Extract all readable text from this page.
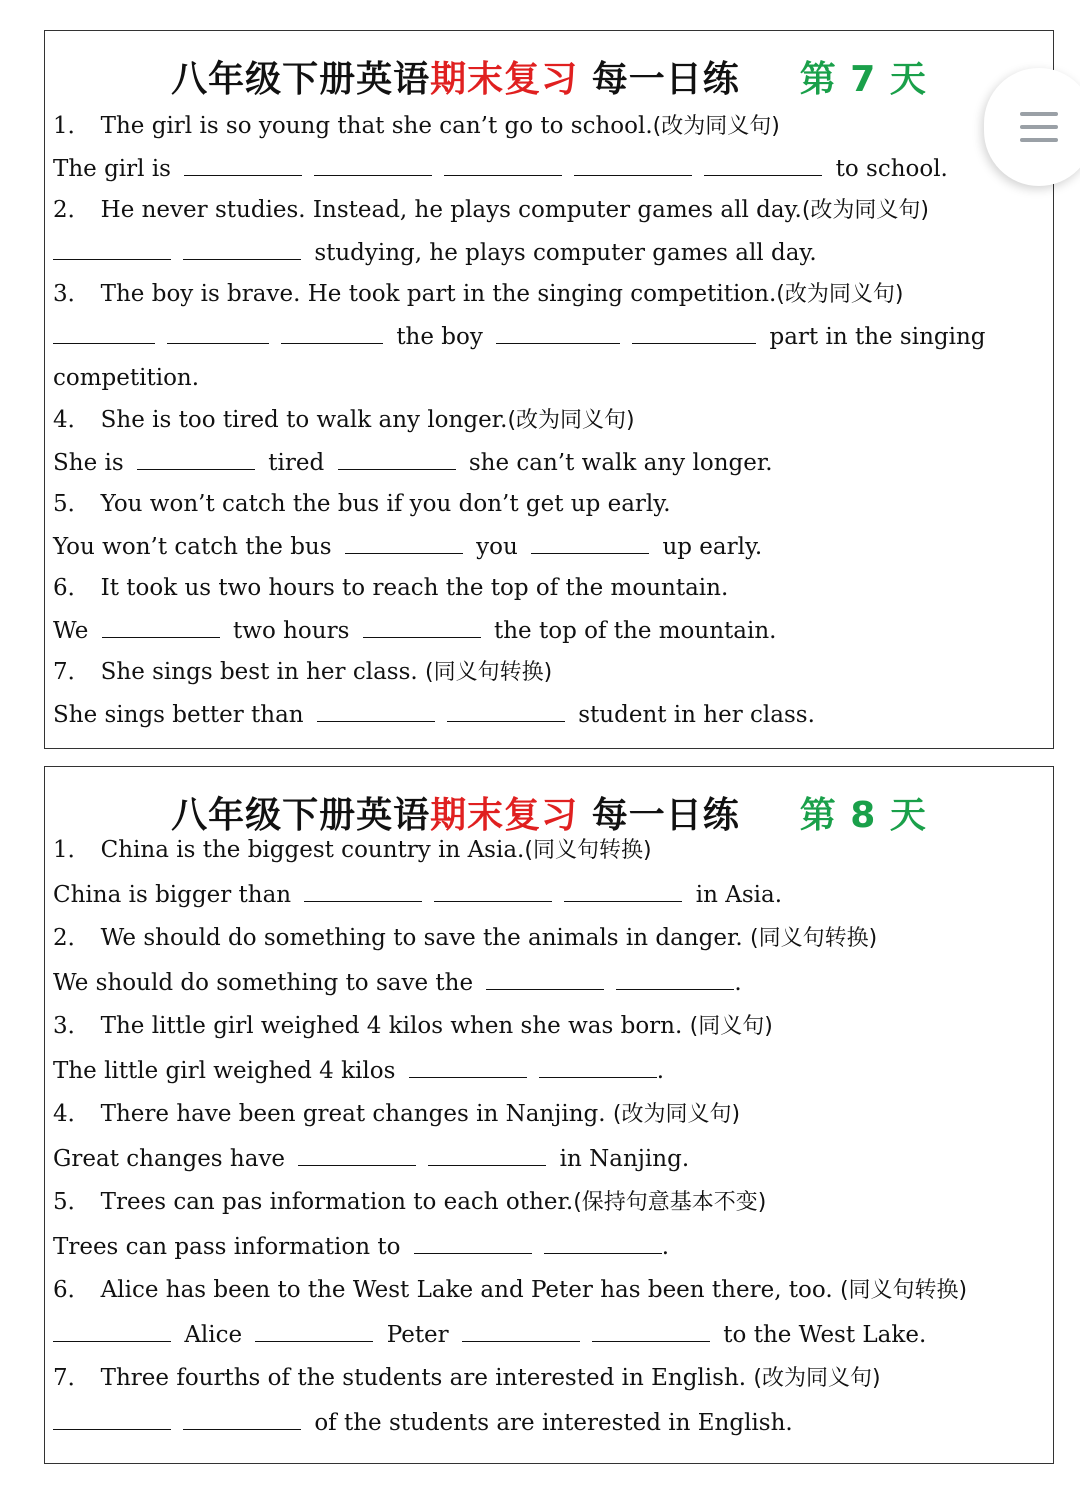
八年级下册英语期末复习 每一日练 第 7 天
1． The girl is so young that she can’t go to school.(改为同义句)
The girl is	to school.
2． He never studies. Instead, he plays computer games all day.(改为同义句)
studying, he plays computer games all day.
3． The boy is brave. He took part in the singing competition.(改为同义句)
the boy	part in the singing
competition.
4． She is too tired to walk any longer.(改为同义句)
She is	tired	she can’t walk any longer.
5． You won’t catch the bus if you don’t get up early.
You won’t catch the bus	you	up early.
6． It took us two hours to reach the top of the mountain.
We	two hours	the top of the mountain.
7． She sings best in her class. (同义句转换)
She sings better than	student in her class.
八年级下册英语期末复习 每一日练 第 8 天
1． China is the biggest country in Asia.(同义句转换)
China is bigger than	in Asia.
2． We should do something to save the animals in danger. (同义句转换)
We should do something to save the	.
3． The little girl weighed 4 kilos when she was born. (同义句)
The little girl weighed 4 kilos	.
4． There have been great changes in Nanjing. (改为同义句)
Great changes have	in Nanjing.
5． Trees can pas information to each other.(保持句意基本不变)
Trees can pass information to	.
6． Alice has been to the West Lake and Peter has been there, too. (同义句转换)
Alice	Peter	to the West Lake.
7． Three fourths of the students are interested in English. (改为同义句)
of the students are interested in English.
